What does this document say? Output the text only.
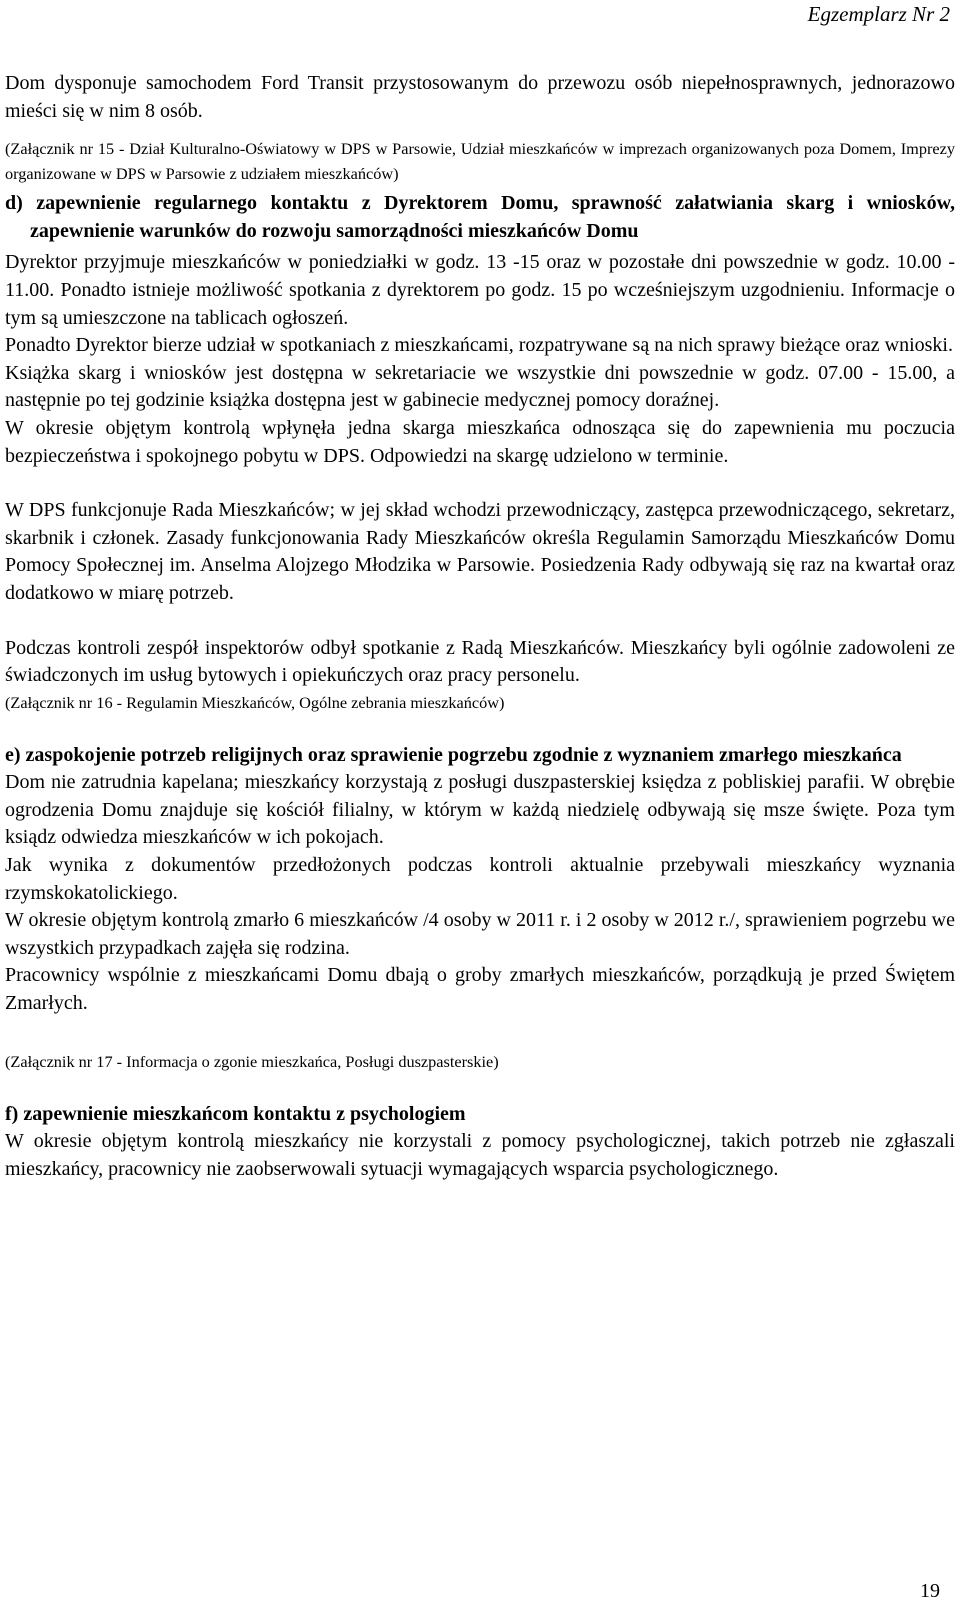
Egzemplarz Nr 2

Dom dysponuje samochodem Ford Transit przystosowanym do przewozu osób niepełnosprawnych, jednorazowo mieści się w nim 8 osób.

(Załącznik nr 15 - Dział Kulturalno-Oświatowy w DPS w Parsowie, Udział mieszkańców w imprezach organizowanych poza Domem, Imprezy organizowane w DPS w Parsowie z udziałem mieszkańców)

d) zapewnienie regularnego kontaktu z Dyrektorem Domu, sprawność załatwiania skarg i wniosków, zapewnienie warunków do rozwoju samorządności mieszkańców Domu

Dyrektor przyjmuje mieszkańców w poniedziałki w godz. 13 -15 oraz w pozostałe dni powszednie w godz. 10.00 - 11.00. Ponadto istnieje możliwość spotkania z dyrektorem po godz. 15 po wcześniejszym uzgodnieniu. Informacje o tym są umieszczone na tablicach ogłoszeń.

Ponadto Dyrektor bierze udział w spotkaniach z mieszkańcami, rozpatrywane są na nich sprawy bieżące oraz wnioski.

Książka skarg i wniosków jest dostępna w sekretariacie we wszystkie dni powszednie w godz. 07.00 - 15.00, a następnie po tej godzinie książka dostępna jest w gabinecie medycznej pomocy doraźnej.

W okresie objętym kontrolą wpłynęła jedna skarga mieszkańca odnosząca się do zapewnienia mu poczucia bezpieczeństwa i spokojnego pobytu w DPS. Odpowiedzi na skargę udzielono w terminie.

W DPS funkcjonuje Rada Mieszkańców; w jej skład wchodzi przewodniczący, zastępca przewodniczącego, sekretarz, skarbnik i członek. Zasady funkcjonowania Rady Mieszkańców określa Regulamin Samorządu Mieszkańców Domu Pomocy Społecznej im. Anselma Alojzego Młodzika w Parsowie. Posiedzenia Rady odbywają się raz na kwartał oraz dodatkowo w miarę potrzeb.

Podczas kontroli zespół inspektorów odbył spotkanie z Radą Mieszkańców. Mieszkańcy byli ogólnie zadowoleni ze świadczonych im usług bytowych i opiekuńczych oraz pracy personelu.

(Załącznik nr 16 - Regulamin Mieszkańców, Ogólne zebrania mieszkańców)

e) zaspokojenie potrzeb religijnych oraz sprawienie pogrzebu zgodnie z wyznaniem zmarłego mieszkańca

Dom nie zatrudnia kapelana; mieszkańcy korzystają z posługi duszpasterskiej księdza z pobliskiej parafii. W obrębie ogrodzenia Domu znajduje się kościół filialny, w którym w każdą niedzielę odbywają się msze święte. Poza tym ksiądz odwiedza mieszkańców w ich pokojach.

Jak wynika z dokumentów przedłożonych podczas kontroli aktualnie przebywali mieszkańcy wyznania rzymskokatolickiego.

W okresie objętym kontrolą zmarło 6 mieszkańców /4 osoby w 2011 r. i 2 osoby w 2012 r./, sprawieniem pogrzebu we wszystkich przypadkach zajęła się rodzina.

Pracownicy wspólnie z mieszkańcami Domu dbają o groby zmarłych mieszkańców, porządkują je przed Świętem Zmarłych.

(Załącznik nr 17 - Informacja o zgonie mieszkańca, Posługi duszpasterskie)

f) zapewnienie mieszkańcom kontaktu z psychologiem

W okresie objętym kontrolą mieszkańcy nie korzystali z pomocy psychologicznej, takich potrzeb nie zgłaszali mieszkańcy, pracownicy nie zaobserwowali sytuacji wymagających wsparcia psychologicznego.

19
